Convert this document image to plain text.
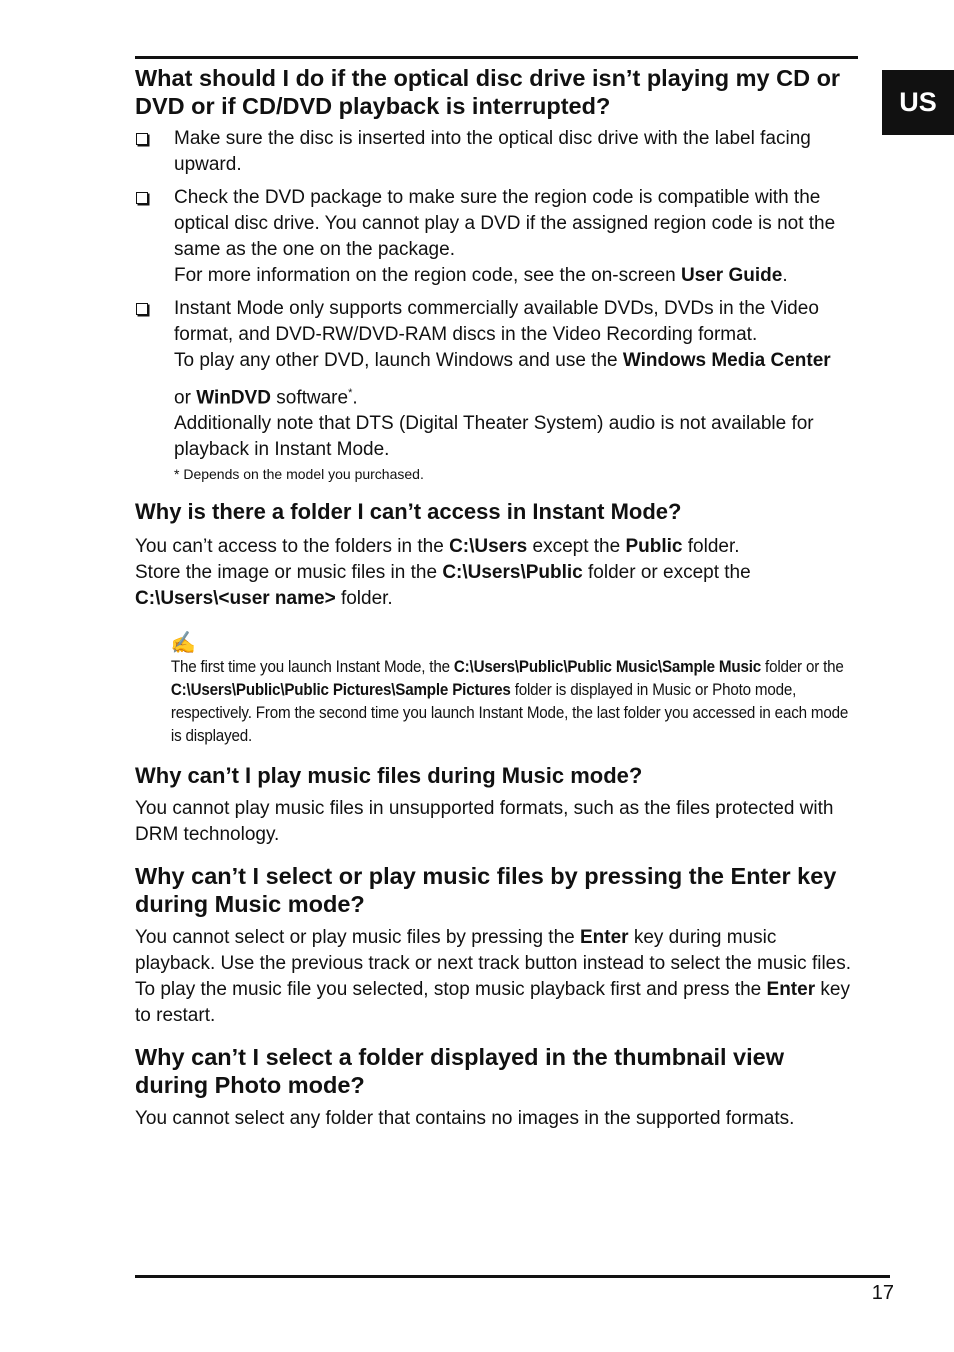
US
What should I do if the optical disc drive isn’t playing my CD or DVD or if CD/DVD playback is interrupted?
Make sure the disc is inserted into the optical disc drive with the label facing upward.
Check the DVD package to make sure the region code is compatible with the optical disc drive. You cannot play a DVD if the assigned region code is not the same as the one on the package.
For more information on the region code, see the on-screen User Guide.
Instant Mode only supports commercially available DVDs, DVDs in the Video format, and DVD-RW/DVD-RAM discs in the Video Recording format.
To play any other DVD, launch Windows and use the Windows Media Center
or WinDVD software*.
Additionally note that DTS (Digital Theater System) audio is not available for playback in Instant Mode.
* Depends on the model you purchased.
Why is there a folder I can’t access in Instant Mode?

You can’t access to the folders in the C:\Users except the Public folder.

Store the image or music files in the C:\Users\Public folder or except the

C:\Users\<user name> folder.

✍
The first time you launch Instant Mode, the C:\Users\Public\Public Music\Sample Music folder or the C:\Users\Public\Public Pictures\Sample Pictures folder is displayed in Music or Photo mode, respectively. From the second time you launch Instant Mode, the last folder you accessed in each mode is displayed.
Why can’t I play music files during Music mode?

You cannot play music files in unsupported formats, such as the files protected with DRM technology.

Why can’t I select or play music files by pressing the Enter key during Music mode?

You cannot select or play music files by pressing the Enter key during music playback. Use the previous track or next track button instead to select the music files. To play the music file you selected, stop music playback first and press the Enter key to restart.

Why can’t I select a folder displayed in the thumbnail view during Photo mode?

You cannot select any folder that contains no images in the supported formats.

17
